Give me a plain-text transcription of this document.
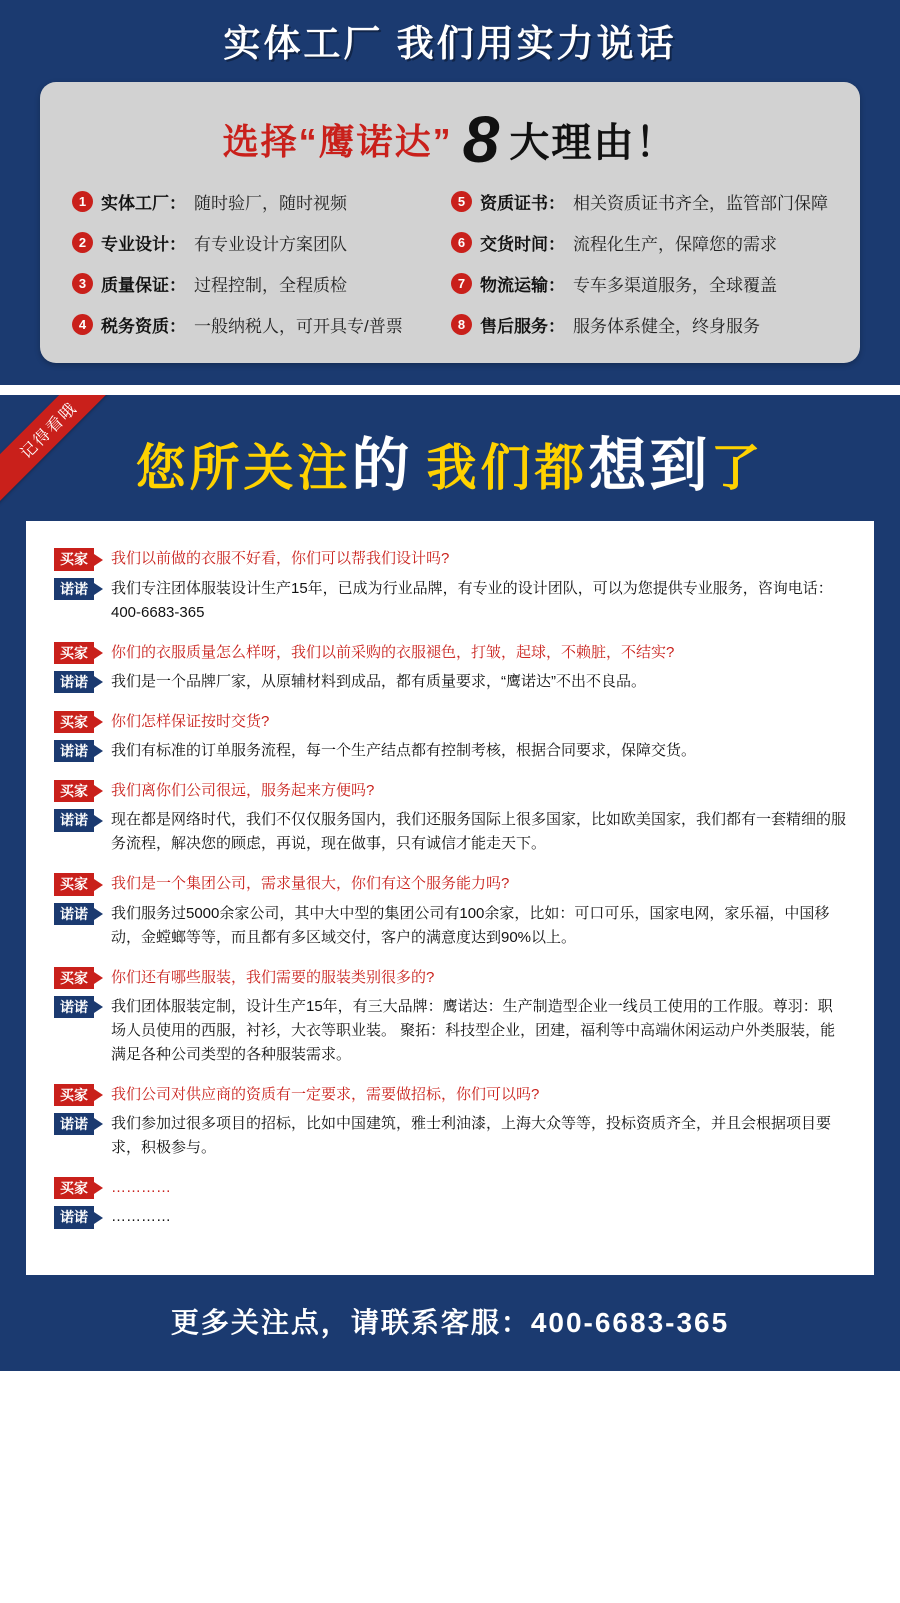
实体工厂 我们用实力说话
选择“鹰诺达” 8 大理由！
1 实体工厂： 随时验厂，随时视频	5 资质证书： 相关资质证书齐全，监管部门保障
2 专业设计： 有专业设计方案团队	6 交货时间： 流程化生产，保障您的需求
3 质量保证： 过程控制，全程质检	7 物流运输： 专车多渠道服务，全球覆盖
4 税务资质： 一般纳税人，可开具专/普票	8 售后服务： 服务体系健全，终身服务
记得看哦
您所关注的 我们都想到了
买家	我们以前做的衣服不好看，你们可以帮我们设计吗?
诺诺	我们专注团体服装设计生产15年，已成为行业品牌，有专业的设计团队，可以为您提供专业服务，咨询电话：400-6683-365
买家	你们的衣服质量怎么样呀，我们以前采购的衣服褪色，打皱，起球，不赖脏，不结实?
诺诺	我们是一个品牌厂家，从原辅材料到成品，都有质量要求，“鹰诺达”不出不良品。
买家	你们怎样保证按时交货?
诺诺	我们有标准的订单服务流程，每一个生产结点都有控制考核，根据合同要求，保障交货。
买家	我们离你们公司很远，服务起来方便吗?
诺诺	现在都是网络时代，我们不仅仅服务国内，我们还服务国际上很多国家，比如欧美国家，我们都有一套精细的服务流程，解决您的顾虑，再说，现在做事，只有诚信才能走天下。
买家	我们是一个集团公司，需求量很大，你们有这个服务能力吗?
诺诺	我们服务过5000余家公司，其中大中型的集团公司有100余家，比如：可口可乐，国家电网，家乐福，中国移动，金螳螂等等，而且都有多区域交付，客户的满意度达到90%以上。
买家	你们还有哪些服装，我们需要的服装类别很多的?
诺诺	我们团体服装定制，设计生产15年，有三大品牌：鹰诺达：生产制造型企业一线员工使用的工作服。尊羽：职场人员使用的西服，衬衫，大衣等职业装。 聚拓：科技型企业，团建，福利等中高端休闲运动户外类服装，能满足各种公司类型的各种服装需求。
买家	我们公司对供应商的资质有一定要求，需要做招标，你们可以吗?
诺诺	我们参加过很多项目的招标，比如中国建筑，雅士利油漆，上海大众等等，投标资质齐全，并且会根据项目要求，积极参与。
买家	…………
诺诺	…………
更多关注点，请联系客服：400-6683-365
